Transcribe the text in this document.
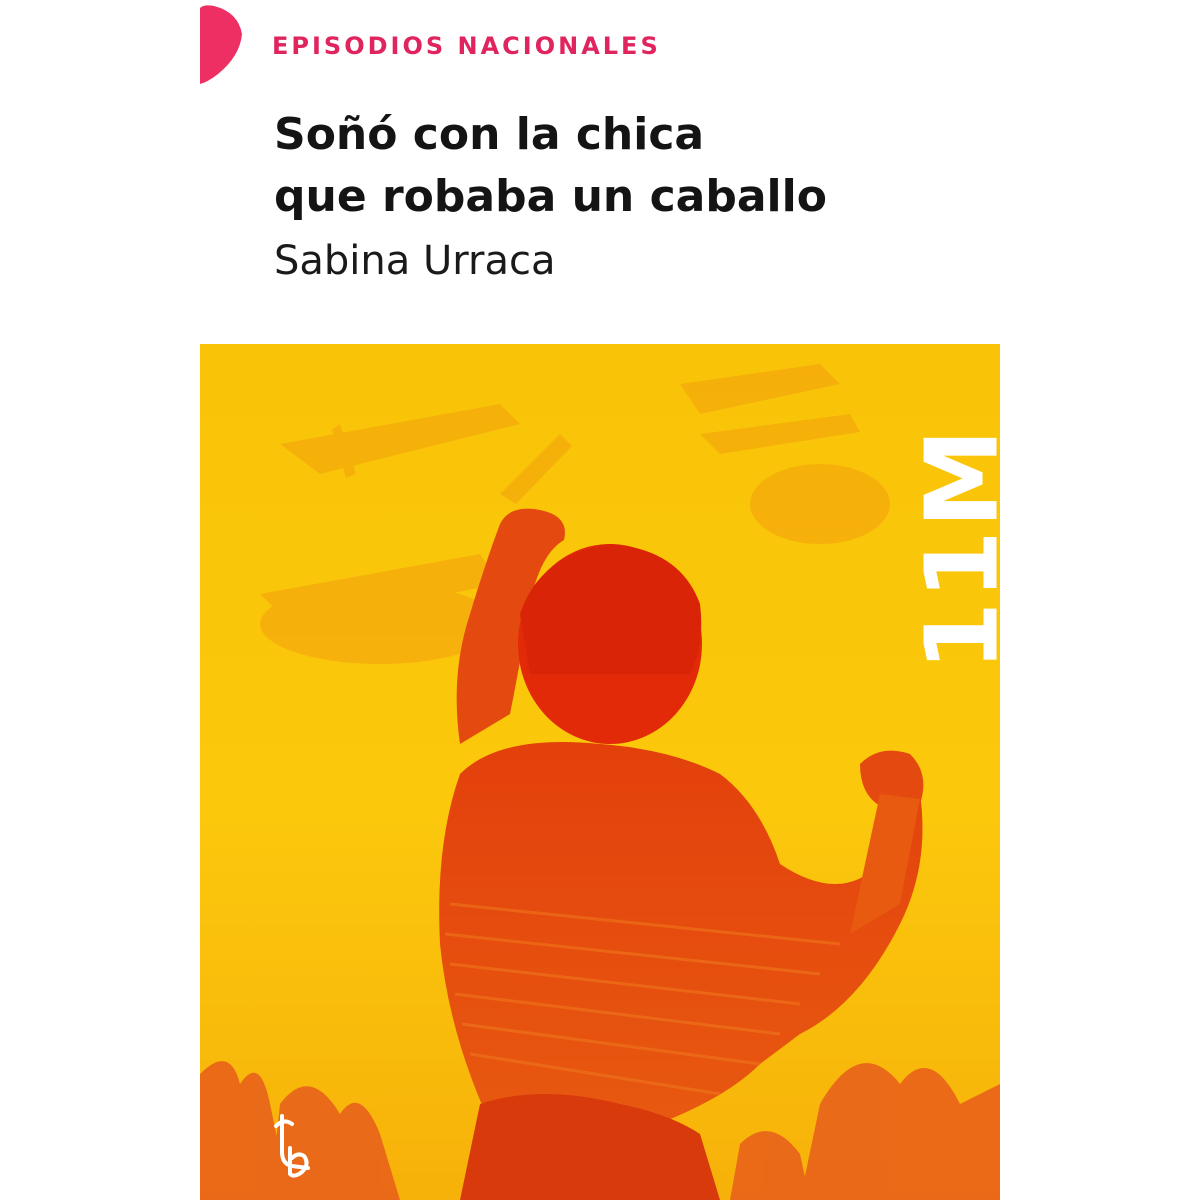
EPISODIOS NACIONALES
Soñó con la chica
que robaba un caballo
Sabina Urraca
11M
